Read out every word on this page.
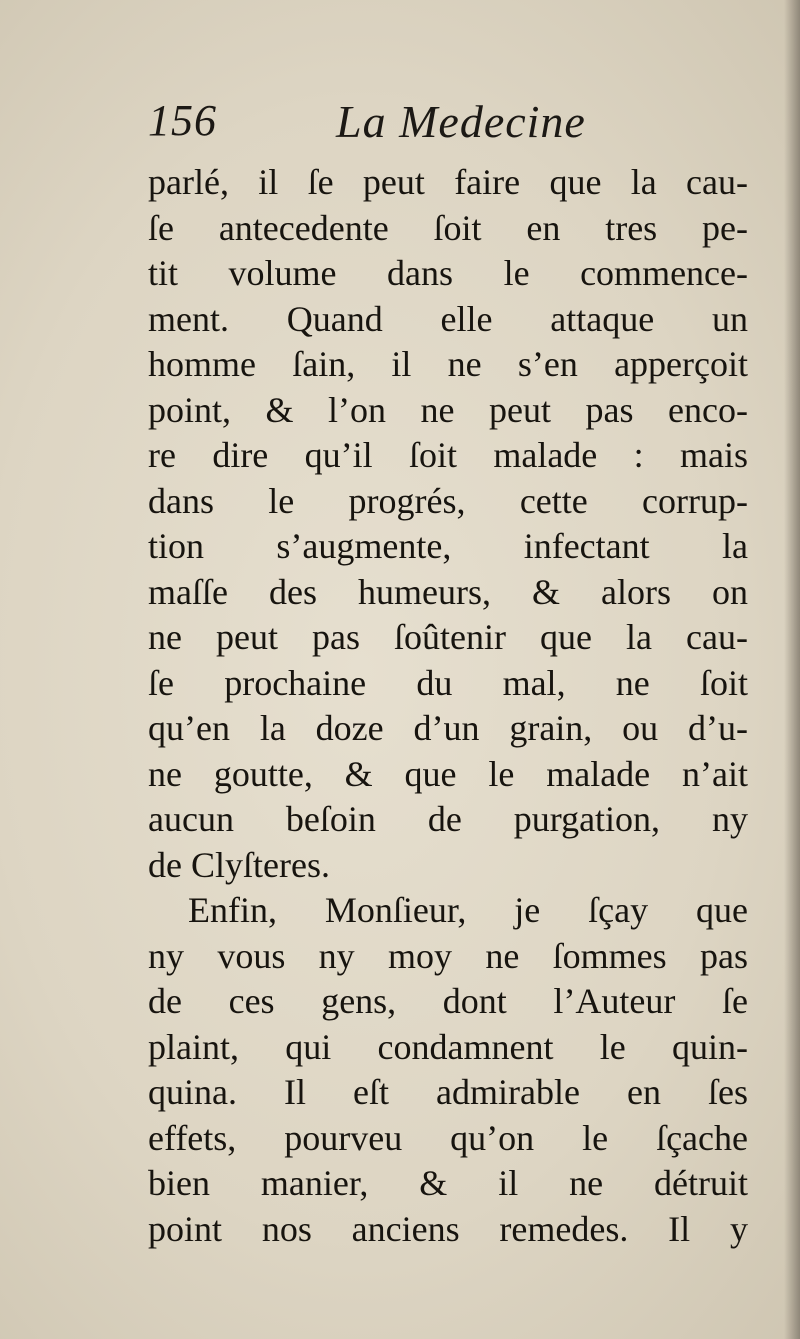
156	La Medecine
parlé, il ſe peut faire que la cau-
ſe antecedente ſoit en tres pe-
tit volume dans le commence-
ment. Quand elle attaque un
homme ſain, il ne s’en apperçoit
point, & l’on ne peut pas enco-
re dire qu’il ſoit malade : mais
dans le progrés, cette corrup-
tion s’augmente, infectant la
maſſe des humeurs, & alors on
ne peut pas ſoûtenir que la cau-
ſe prochaine du mal, ne ſoit
qu’en la doze d’un grain, ou d’u-
ne goutte, & que le malade n’ait
aucun beſoin de purgation, ny
de Clyſteres.
Enfin, Monſieur, je ſçay que
ny vous ny moy ne ſommes pas
de ces gens, dont l’Auteur ſe
plaint, qui condamnent le quin-
quina. Il eſt admirable en ſes
effets, pourveu qu’on le ſçache
bien manier, & il ne détruit
point nos anciens remedes. Il y
